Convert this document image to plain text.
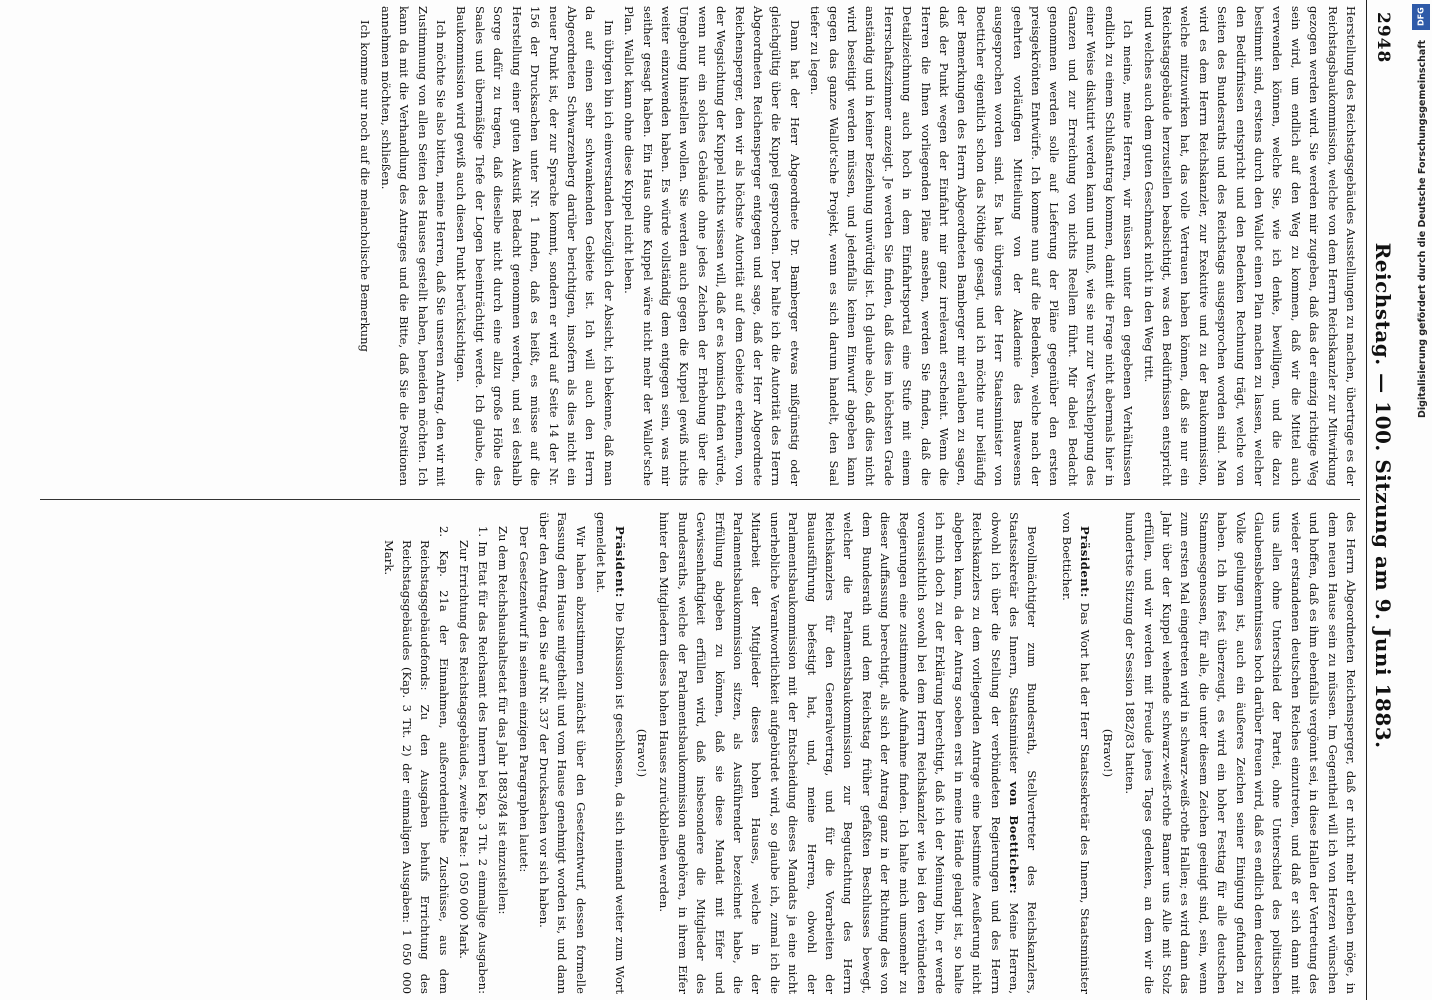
2948
Reichstag. — 100. Sitzung am 9. Juni 1883.

Herstellung des Reichstagsgebäudes Ausstellungen zu machen, übertrage es der Reichstagsbaukommission, welche von dem Herrn Reichskanzler zur Mitwirkung gezogen werden wird. Sie werden mir zugeben, daß das der einzig richtige Weg sein wird, um endlich auf den Weg zu kommen, daß wir die Mittel auch verwenden können, welche Sie, wie ich denke, bewilligen, und die dazu bestimmt sind, erstens durch den Wallot einen Plan machen zu lassen, welcher den Bedürfnissen entspricht und den Bedenken Rechnung trägt, welche von Seiten des Bundesraths und des Reichstags ausgesprochen worden sind. Man wird es dem Herrn Reichskanzler, zur Exekutive und zu der Baukommission, welche mitzuwirken hat, das volle Vertrauen haben können, daß sie nur ein Reichstagsgebäude herzustellen beabsichtigt, was den Bedürfnissen entspricht und welches auch dem guten Geschmack nicht in den Weg tritt.

Ich meine, meine Herren, wir müssen unter den gegebenen Verhältnissen endlich zu einem Schlußantrag kommen, damit die Frage nicht abermals hier in einer Weise diskutirt werden kann und muß, wie sie nur zur Verschleppung des Ganzen und zur Erreichung von nichts Reellem führt. Mir dabei Bedacht genommen werden solle auf Lieferung der Pläne gegenüber den ersten preisgekrönten Entwürfe. Ich komme nun auf die Bedenken, welche nach der geehrten vorläufigen Mitteilung von der Akademie des Bauwesens ausgesprochen worden sind. Es hat übrigens der Herr Staatsminister von Boetticher eigentlich schon das Nöthige gesagt, und ich möchte nur beiläufig der Bemerkungen des Herrn Abgeordneten Bamberger mir erlauben zu sagen, daß der Punkt wegen der Einfahrt mir ganz irrelevant erscheint. Wenn die Herren die Ihnen vorliegenden Pläne ansehen, werden Sie finden, daß die Detailzeichnung auch hoch in dem Einfahrtsportal eine Stufe mit einem Herrschaftszimmer anzeigt. Je werden Sie finden, daß dies im höchsten Grade anständig und in keiner Beziehung unwürdig ist. Ich glaube also, daß dies nicht wird beseitigt werden müssen, und jedenfalls keinen Einwurf abgeben kann gegen das ganze Wallot'sche Projekt, wenn es sich darum handelt, den Saal tiefer zu legen.

Dann hat der Herr Abgeordnete Dr. Bamberger etwas mißgünstig oder gleichgültig über die Kuppel gesprochen. Der halte ich die Autorität des Herrn Abgeordneten Reichensperger entgegen und sage, daß der Herr Abgeordnete Reichensperger, den wir als höchste Autorität auf dem Gebiete erkennen, von der Wegsichtung der Kuppel nichts wissen will, daß er es komisch finden würde, wenn nur ein solches Gebäude ohne jedes Zeichen der Erhebung über die Umgebung hinstellen wollen. Sie werden auch gegen die Kuppel gewiß nichts weiter einzuwenden haben. Es würde vollständig dem entgegen sein, was mir seither gesagt haben. Ein Haus ohne Kuppel wäre nicht mehr der Wallot'sche Plan. Wallot kann ohne diese Kuppel nicht leben.

Im übrigen bin ich einverstanden bezüglich der Absicht, ich bekenne, daß man da auf einen sehr schwankenden Gebiete ist. Ich will auch den Herrn Abgeordneten Schwarzenberg darüber berichtigen, insofern als dies nicht ein neuer Punkt ist, der zur Sprache kommt, sondern er wird auf Seite 14 der Nr. 156 der Drucksachen unter Nr. 1 finden, daß es heißt, es müsse auf die Herstellung einer guten Akustik Bedacht genommen werden, und sei deshalb Sorge dafür zu tragen, daß dieselbe nicht durch eine allzu große Höhe des Saales und übermäßige Tiefe der Logen beeinträchtigt werde. Ich glaube, die Baukommission wird gewiß auch diesen Punkt berücksichtigen.

Ich möchte Sie also bitten, meine Herren, daß Sie unseren Antrag, den wir mit Zustimmung von allen Seiten des Hauses gestellt haben, beneiden möchten. Ich kann da mit die Verhandlung des Antrages und die Bitte, daß Sie die Positionen annehmen möchten, schließen.

Ich komme nur noch auf die melancholische Bemerkung

des Herrn Abgeordneten Reichensperger, daß er nicht mehr erleben möge, in dem neuen Hause sein zu müssen. Im Gegentheil will ich von Herzen wünschen und hoffen, daß es ihm ebenfalls vergönnt sei, in diese Hallen der Vertretung des wieder erstandenen deutschen Reiches einzutreten, und daß er sich dann mit uns allen ohne Unterschied der Partei, ohne Unterschied des politischen Glaubensbekenntnisses hoch darüber freuen wird, daß es endlich dem deutschen Volke gelungen ist, auch ein äußeres Zeichen seiner Einigung gefunden zu haben. Ich bin fest überzeugt, es wird ein hoher Festtag für alle deutschen Stammesgenossen, für alle, die unter diesem Zeichen geeinigt sind, sein, wenn zum ersten Mal eingetreten wird in schwarz-weiß-rothe Hallen; es wird dann das Jahr über der Kuppel wehende schwarz-weiß-rothe Banner uns Alle mit Stolz erfüllen, und wir werden mit Freude jenes Tages gedenken, an dem wir die hundertste Sitzung der Session 1882/83 hatten.

(Bravo!)

Präsident: Das Wort hat der Herr Staatssekretär des Innern, Staatsminister von Boetticher.

Bevollmächtigter zum Bundesrath, Stellvertreter des Reichskanzlers, Staatssekretär des Innern, Staatsminister von Boetticher: Meine Herren, obwohl ich über die Stellung der verbündeten Regierungen und des Herrn Reichskanzlers zu dem vorliegenden Antrage eine bestimmte Aeußerung nicht abgeben kann, da der Antrag soeben erst in meine Hände gelangt ist, so halte ich mich doch zu der Erklärung berechtigt, daß ich der Meinung bin, er werde voraussichtlich sowohl bei dem Herrn Reichskanzler wie bei den verbündeten Regierungen eine zustimmende Aufnahme finden. Ich halte mich umsomehr zu dieser Auffassung berechtigt, als sich der Antrag ganz in der Richtung des von dem Bundesrath und dem Reichstag früher gefaßten Beschlusses bewegt, welcher die Parlamentsbaukommission zur Begutachtung des Herrn Reichskanzlers für den Generalvertrag, und für die Vorarbeiten der Bauausführung befestigt hat, und, meine Herren, obwohl der Parlamentsbaukommission mit der Entscheidung dieses Mandats ja eine nicht unerhebliche Verantwortlichkeit aufgebürdet wird, so glaube ich, zumal ich die Mitarbeit der Mitglieder dieses hohen Hauses, welche in der Parlamentsbaukommission sitzen, als Ausführender bezeichnet habe, die Erfüllung abgeben zu können, daß sie diese Mandat mit Eifer und Gewissenhaftigkeit erfüllen wird, daß insbesondere die Mitglieder des Bundesraths, welche der Parlamentsbaukommission angehören, in ihrem Eifer hinter den Mitgliedern dieses hohen Hauses zurückbleiben werden.

(Bravo!)

Präsident: Die Diskussion ist geschlossen, da sich niemand weiter zum Wort gemeldet hat.

Wir haben abzustimmen zunächst über den Gesetzentwurf, dessen formelle Fassung dem Hause mitgetheilt und vom Hause genehmigt worden ist, und dann über den Antrag, den Sie auf Nr. 337 der Drucksachen vor sich haben.

Der Gesetzentwurf in seinem einzigen Paragraphen lautet:

Zu dem Reichshaushaltsetat für das Jahr 1883/84 ist einzustellen:

1. Im Etat für das Reichsamt des Innern bei Kap. 3 Tit. 2 einmalige Ausgaben: Zur Errichtung des Reichstagsgebäudes, zweite Rate: 1 050 000 Mark.

2. Kap. 21a der Einnahmen, außerordentliche Zuschüsse, aus dem Reichstagsgebäudefonds: Zu den Ausgaben behufs Errichtung des Reichstagsgebäudes (Kap. 3 Tit. 2) der einmaligen Ausgaben: 1 050 000 Mark.

Digitalisierung gefördert durch die Deutsche Forschungsgemeinschaft
DFG
